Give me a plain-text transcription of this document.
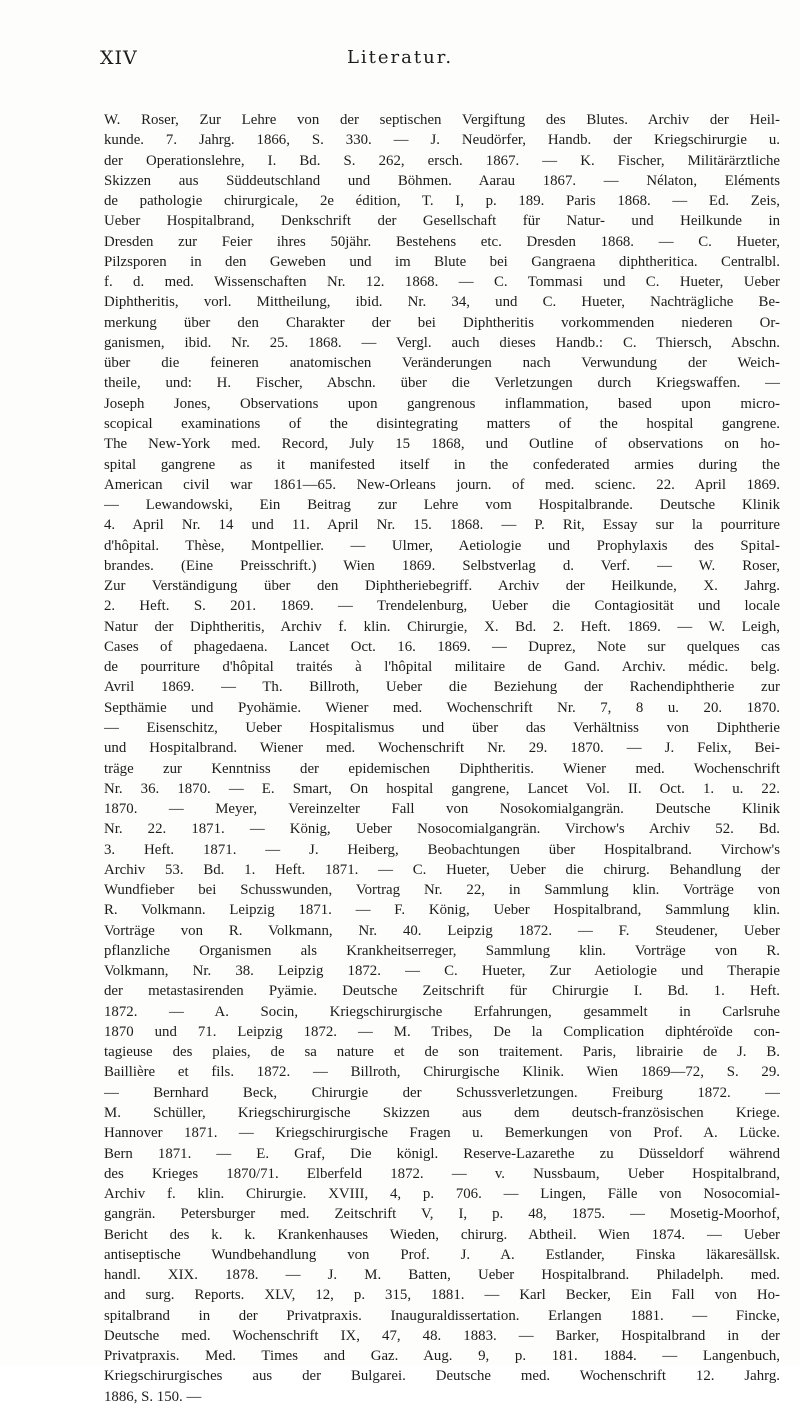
XIV	Literatur.
W. Roser, Zur Lehre von der septischen Vergiftung des Blutes. Archiv der Heil-
kunde. 7. Jahrg. 1866, S. 330. — J. Neudörfer, Handb. der Kriegschirurgie u.
der Operationslehre, I. Bd. S. 262, ersch. 1867. — K. Fischer, Militärärztliche
Skizzen aus Süddeutschland und Böhmen. Aarau 1867. — Nélaton, Eléments
de pathologie chirurgicale, 2e édition, T. I, p. 189. Paris 1868. — Ed. Zeis,
Ueber Hospitalbrand, Denkschrift der Gesellschaft für Natur- und Heilkunde in
Dresden zur Feier ihres 50jähr. Bestehens etc. Dresden 1868. — C. Hueter,
Pilzsporen in den Geweben und im Blute bei Gangraena diphtheritica. Centralbl.
f. d. med. Wissenschaften Nr. 12. 1868. — C. Tommasi und C. Hueter, Ueber
Diphtheritis, vorl. Mittheilung, ibid. Nr. 34, und C. Hueter, Nachträgliche Be-
merkung über den Charakter der bei Diphtheritis vorkommenden niederen Or-
ganismen, ibid. Nr. 25. 1868. — Vergl. auch dieses Handb.: C. Thiersch, Abschn.
über die feineren anatomischen Veränderungen nach Verwundung der Weich-
theile, und: H. Fischer, Abschn. über die Verletzungen durch Kriegswaffen. —
Joseph Jones, Observations upon gangrenous inflammation, based upon micro-
scopical examinations of the disintegrating matters of the hospital gangrene.
The New-York med. Record, July 15 1868, und Outline of observations on ho-
spital gangrene as it manifested itself in the confederated armies during the
American civil war 1861—65. New-Orleans journ. of med. scienc. 22. April 1869.
— Lewandowski, Ein Beitrag zur Lehre vom Hospitalbrande. Deutsche Klinik
4. April Nr. 14 und 11. April Nr. 15. 1868. — P. Rit, Essay sur la pourriture
d'hôpital. Thèse, Montpellier. — Ulmer, Aetiologie und Prophylaxis des Spital-
brandes. (Eine Preisschrift.) Wien 1869. Selbstverlag d. Verf. — W. Roser,
Zur Verständigung über den Diphtheriebegriff. Archiv der Heilkunde, X. Jahrg.
2. Heft. S. 201. 1869. — Trendelenburg, Ueber die Contagiosität und locale
Natur der Diphtheritis, Archiv f. klin. Chirurgie, X. Bd. 2. Heft. 1869. — W. Leigh,
Cases of phagedaena. Lancet Oct. 16. 1869. — Duprez, Note sur quelques cas
de pourriture d'hôpital traités à l'hôpital militaire de Gand. Archiv. médic. belg.
Avril 1869. — Th. Billroth, Ueber die Beziehung der Rachendiphtherie zur
Septhämie und Pyohämie. Wiener med. Wochenschrift Nr. 7, 8 u. 20. 1870.
— Eisenschitz, Ueber Hospitalismus und über das Verhältniss von Diphtherie
und Hospitalbrand. Wiener med. Wochenschrift Nr. 29. 1870. — J. Felix, Bei-
träge zur Kenntniss der epidemischen Diphtheritis. Wiener med. Wochenschrift
Nr. 36. 1870. — E. Smart, On hospital gangrene, Lancet Vol. II. Oct. 1. u. 22.
1870. — Meyer, Vereinzelter Fall von Nosokomialgangrän. Deutsche Klinik
Nr. 22. 1871. — König, Ueber Nosocomialgangrän. Virchow's Archiv 52. Bd.
3. Heft. 1871. — J. Heiberg, Beobachtungen über Hospitalbrand. Virchow's
Archiv 53. Bd. 1. Heft. 1871. — C. Hueter, Ueber die chirurg. Behandlung der
Wundfieber bei Schusswunden, Vortrag Nr. 22, in Sammlung klin. Vorträge von
R. Volkmann. Leipzig 1871. — F. König, Ueber Hospitalbrand, Sammlung klin.
Vorträge von R. Volkmann, Nr. 40. Leipzig 1872. — F. Steudener, Ueber
pflanzliche Organismen als Krankheitserreger, Sammlung klin. Vorträge von R.
Volkmann, Nr. 38. Leipzig 1872. — C. Hueter, Zur Aetiologie und Therapie
der metastasirenden Pyämie. Deutsche Zeitschrift für Chirurgie I. Bd. 1. Heft.
1872. — A. Socin, Kriegschirurgische Erfahrungen, gesammelt in Carlsruhe
1870 und 71. Leipzig 1872. — M. Tribes, De la Complication diphtéroïde con-
tagieuse des plaies, de sa nature et de son traitement. Paris, librairie de J. B.
Baillière et fils. 1872. — Billroth, Chirurgische Klinik. Wien 1869—72, S. 29.
— Bernhard Beck, Chirurgie der Schussverletzungen. Freiburg 1872. —
M. Schüller, Kriegschirurgische Skizzen aus dem deutsch-französischen Kriege.
Hannover 1871. — Kriegschirurgische Fragen u. Bemerkungen von Prof. A. Lücke.
Bern 1871. — E. Graf, Die königl. Reserve-Lazarethe zu Düsseldorf während
des Krieges 1870/71. Elberfeld 1872. — v. Nussbaum, Ueber Hospitalbrand,
Archiv f. klin. Chirurgie. XVIII, 4, p. 706. — Lingen, Fälle von Nosocomial-
gangrän. Petersburger med. Zeitschrift V, I, p. 48, 1875. — Mosetig-Moorhof,
Bericht des k. k. Krankenhauses Wieden, chirurg. Abtheil. Wien 1874. — Ueber
antiseptische Wundbehandlung von Prof. J. A. Estlander, Finska läkaresällsk.
handl. XIX. 1878. — J. M. Batten, Ueber Hospitalbrand. Philadelph. med.
and surg. Reports. XLV, 12, p. 315, 1881. — Karl Becker, Ein Fall von Ho-
spitalbrand in der Privatpraxis. Inauguraldissertation. Erlangen 1881. — Fincke,
Deutsche med. Wochenschrift IX, 47, 48. 1883. — Barker, Hospitalbrand in der
Privatpraxis. Med. Times and Gaz. Aug. 9, p. 181. 1884. — Langenbuch,
Kriegschirurgisches aus der Bulgarei. Deutsche med. Wochenschrift 12. Jahrg.
1886, S. 150. —
